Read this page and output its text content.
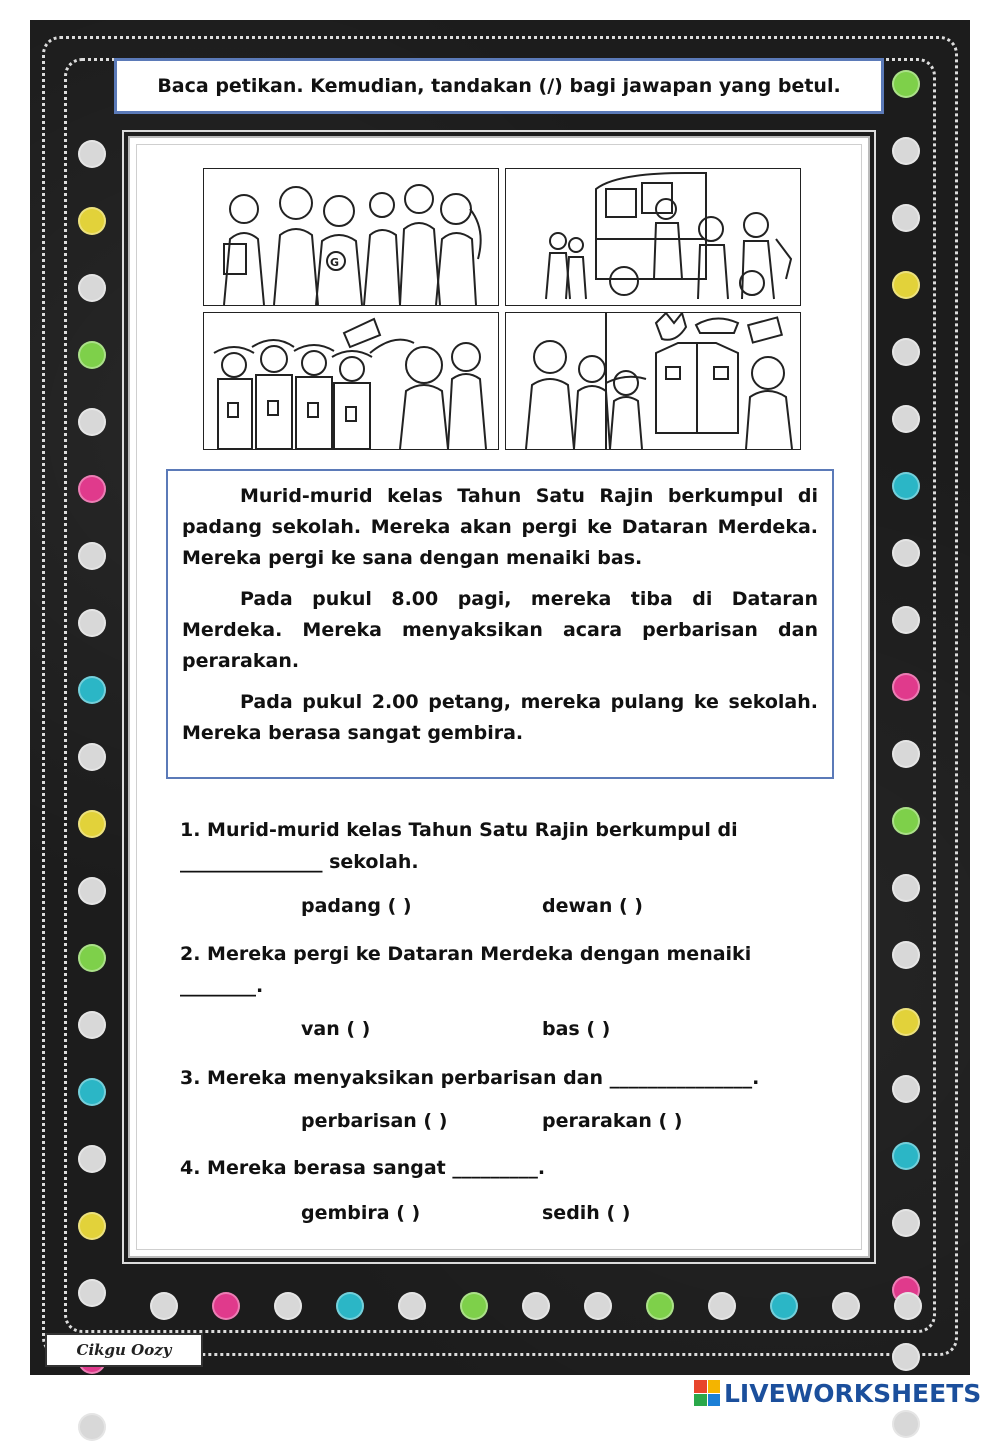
Baca petikan. Kemudian, tandakan (/) bagi jawapan yang betul.
G

Murid-murid kelas Tahun Satu Rajin berkumpul di padang sekolah. Mereka akan pergi ke Dataran Merdeka. Mereka pergi ke sana dengan menaiki bas.

Pada pukul 8.00 pagi, mereka tiba di Dataran Merdeka. Mereka menyaksikan acara perbarisan dan perarakan.

Pada pukul 2.00 petang, mereka pulang ke sekolah. Mereka berasa sangat gembira.

1. Murid-murid kelas Tahun Satu Rajin berkumpul di
_______________ sekolah.
padang ( )	dewan ( )
2. Mereka pergi ke Dataran Merdeka dengan menaiki
________.
van ( )	bas ( )
3. Mereka menyaksikan perbarisan dan _______________.
perbarisan ( )	perarakan ( )
4. Mereka berasa sangat _________.
gembira ( )	sedih ( )
Cikgu Oozy
LIVEWORKSHEETS
